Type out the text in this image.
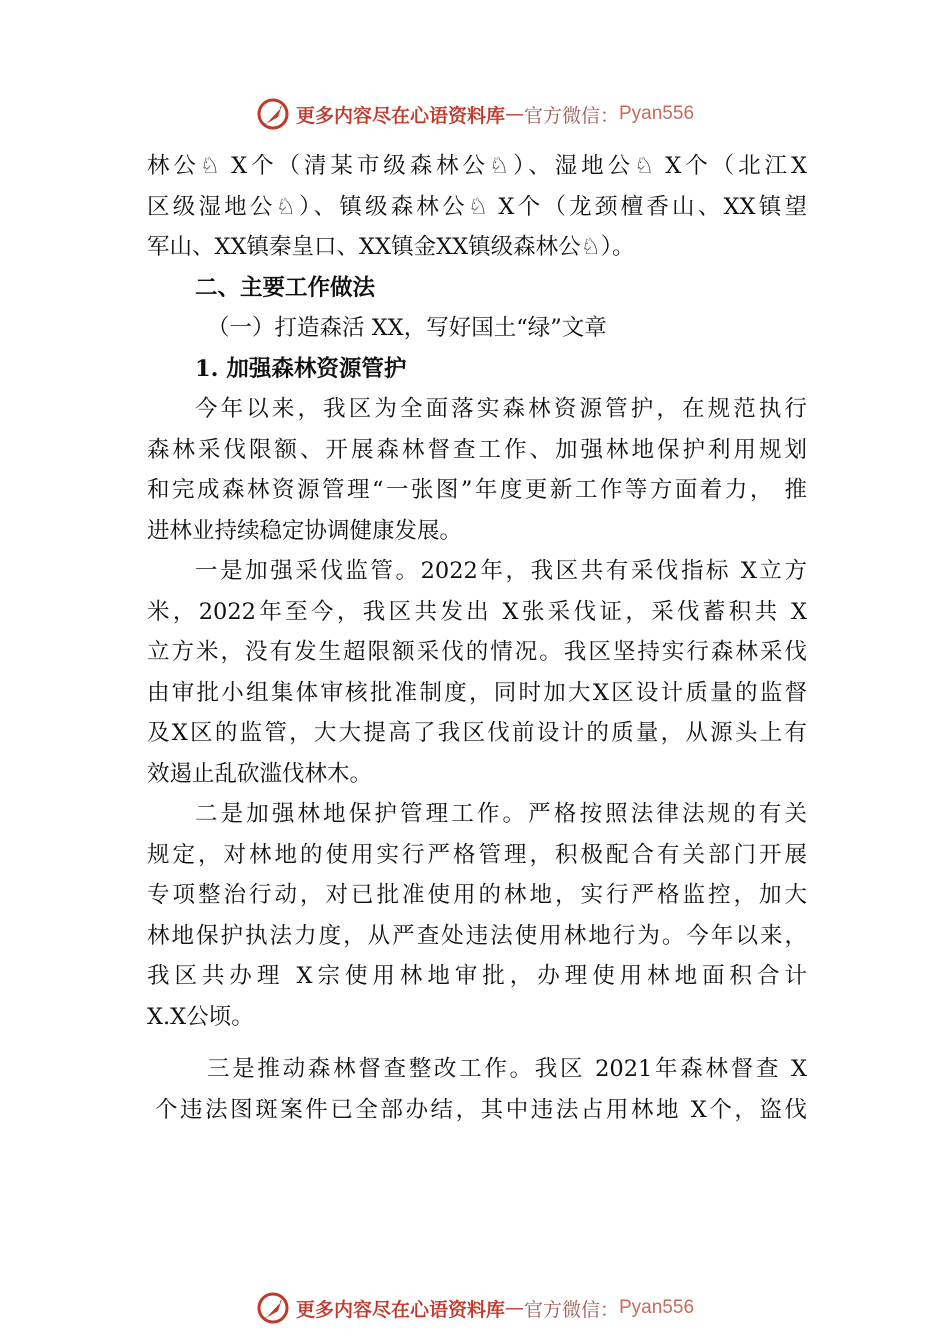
更多内容尽在心语资料库 — 官方微信： Pyan556
林公♘ X个（清某市级森林公♘）、湿地公♘ X个（北江X
区级湿地公♘）、镇级森林公♘ X个（龙颈檀香山、XX镇望
军山、XX镇秦皇口、XX镇金XX镇级森林公♘）。
二、主要工作做法
（一）打造森活 XX，写好国土“绿”文章
1. 加强森林资源管护
今年以来，我区为全面落实森林资源管护，在规范执行
森林采伐限额、开展森林督查工作、加强林地保护利用规划
和完成森林资源管理“一张图”年度更新工作等方面着力， 推
进林业持续稳定协调健康发展。
一是加强采伐监管。2022年，我区共有采伐指标 X立方
米，2022年至今，我区共发出 X张采伐证，采伐蓄积共 X
立方米，没有发生超限额采伐的情况。我区坚持实行森林采伐
由审批小组集体审核批准制度，同时加大X区设计质量的监督
及X区的监管，大大提高了我区伐前设计的质量，从源头上有
效遏止乱砍滥伐林木。
二是加强林地保护管理工作。严格按照法律法规的有关
规定，对林地的使用实行严格管理，积极配合有关部门开展
专项整治行动，对已批准使用的林地，实行严格监控，加大
林地保护执法力度，从严查处违法使用林地行为。今年以来，
我区共办理 X宗使用林地审批，办理使用林地面积合计
X.X公顷。
三是推动森林督查整改工作。我区 2021年森林督查 X
个违法图斑案件已全部办结，其中违法占用林地 X个，盗伐
更多内容尽在心语资料库 — 官方微信： Pyan556
